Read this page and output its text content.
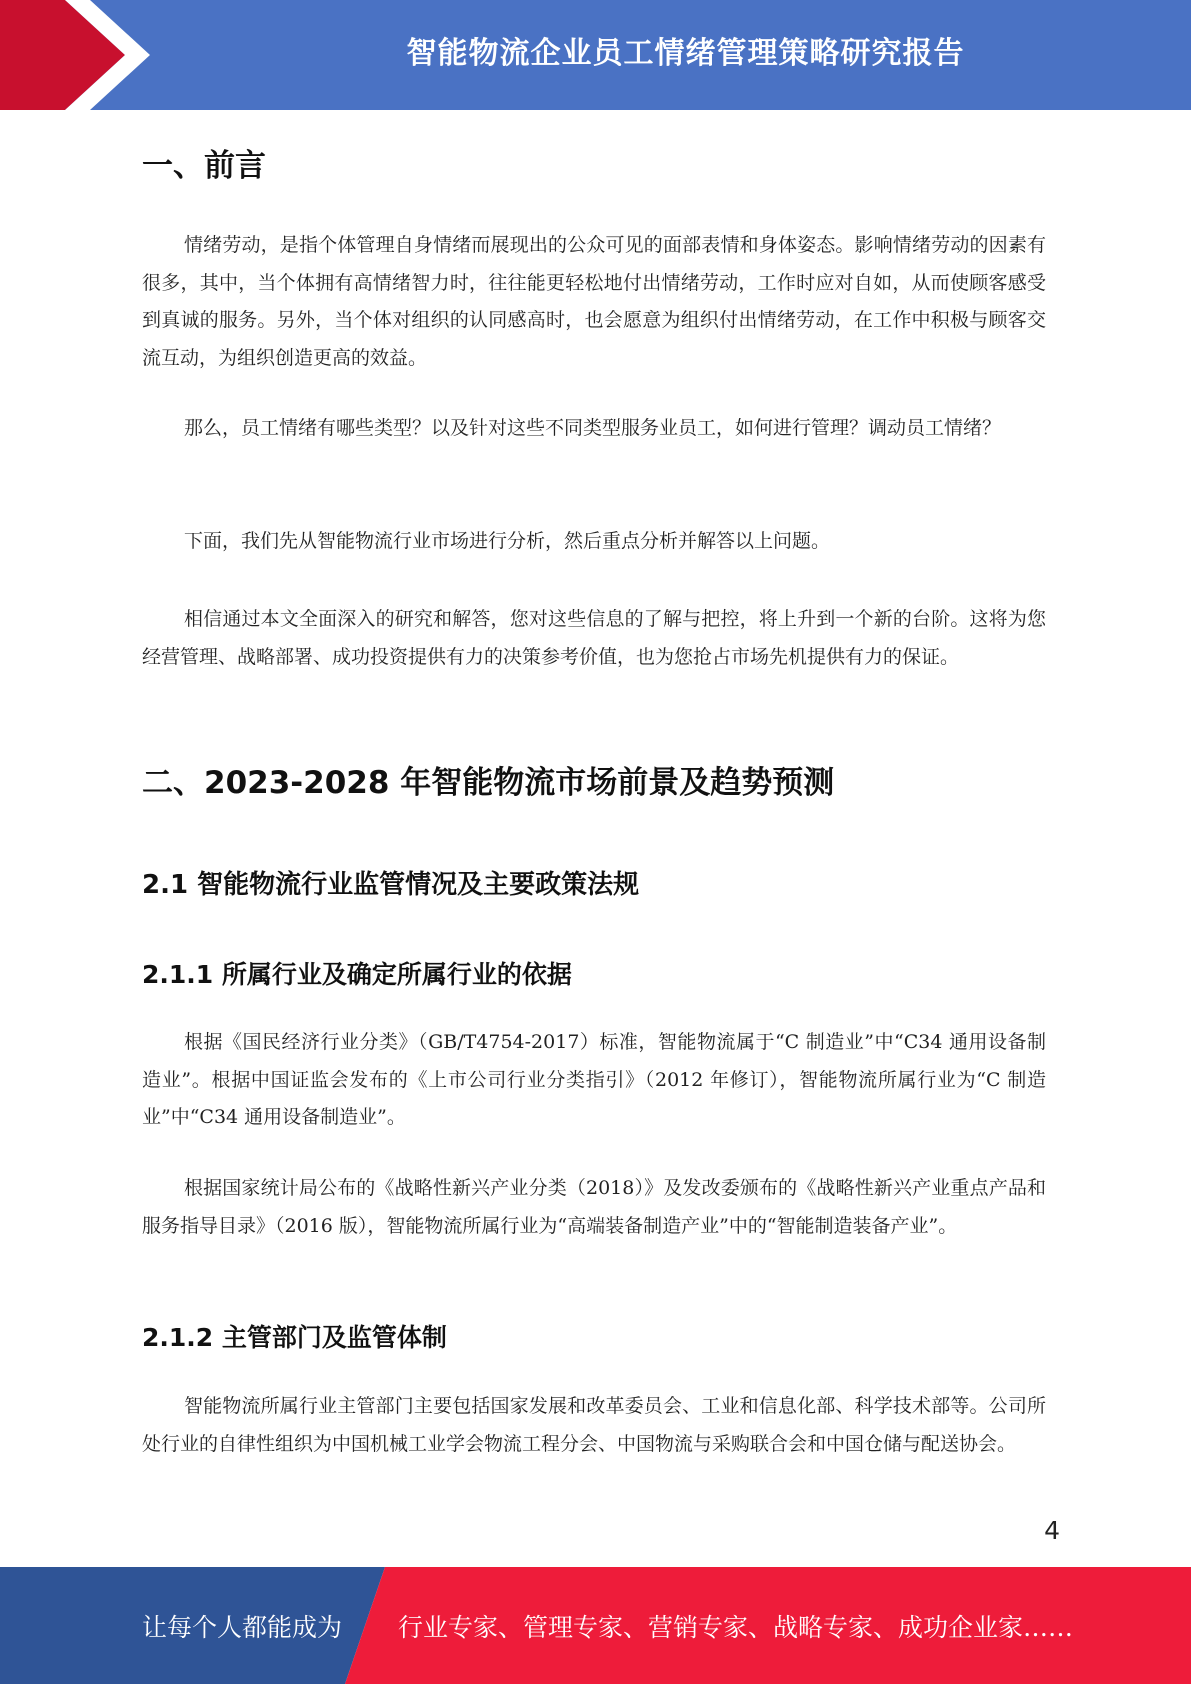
智能物流企业员工情绪管理策略研究报告
一、前言

情绪劳动，是指个体管理自身情绪而展现出的公众可见的面部表情和身体姿态。影响情绪劳动的因素有很多，其中，当个体拥有高情绪智力时，往往能更轻松地付出情绪劳动，工作时应对自如，从而使顾客感受到真诚的服务。另外，当个体对组织的认同感高时，也会愿意为组织付出情绪劳动，在工作中积极与顾客交流互动，为组织创造更高的效益。

那么，员工情绪有哪些类型？以及针对这些不同类型服务业员工，如何进行管理？调动员工情绪？

下面，我们先从智能物流行业市场进行分析，然后重点分析并解答以上问题。

相信通过本文全面深入的研究和解答，您对这些信息的了解与把控，将上升到一个新的台阶。这将为您经营管理、战略部署、成功投资提供有力的决策参考价值，也为您抢占市场先机提供有力的保证。

二、2023-2028 年智能物流市场前景及趋势预测
2.1 智能物流行业监管情况及主要政策法规
2.1.1 所属行业及确定所属行业的依据

根据《国民经济行业分类》（GB/T4754-2017）标准，智能物流属于“C 制造业”中“C34 通用设备制造业”。根据中国证监会发布的《上市公司行业分类指引》（2012 年修订），智能物流所属行业为“C 制造业”中“C34 通用设备制造业”。

根据国家统计局公布的《战略性新兴产业分类（2018）》及发改委颁布的《战略性新兴产业重点产品和服务指导目录》（2016 版），智能物流所属行业为“高端装备制造产业”中的“智能制造装备产业”。

2.1.2 主管部门及监管体制

智能物流所属行业主管部门主要包括国家发展和改革委员会、工业和信息化部、科学技术部等。公司所处行业的自律性组织为中国机械工业学会物流工程分会、中国物流与采购联合会和中国仓储与配送协会。

4
让每个人都能成为 行业专家、管理专家、营销专家、战略专家、成功企业家……
